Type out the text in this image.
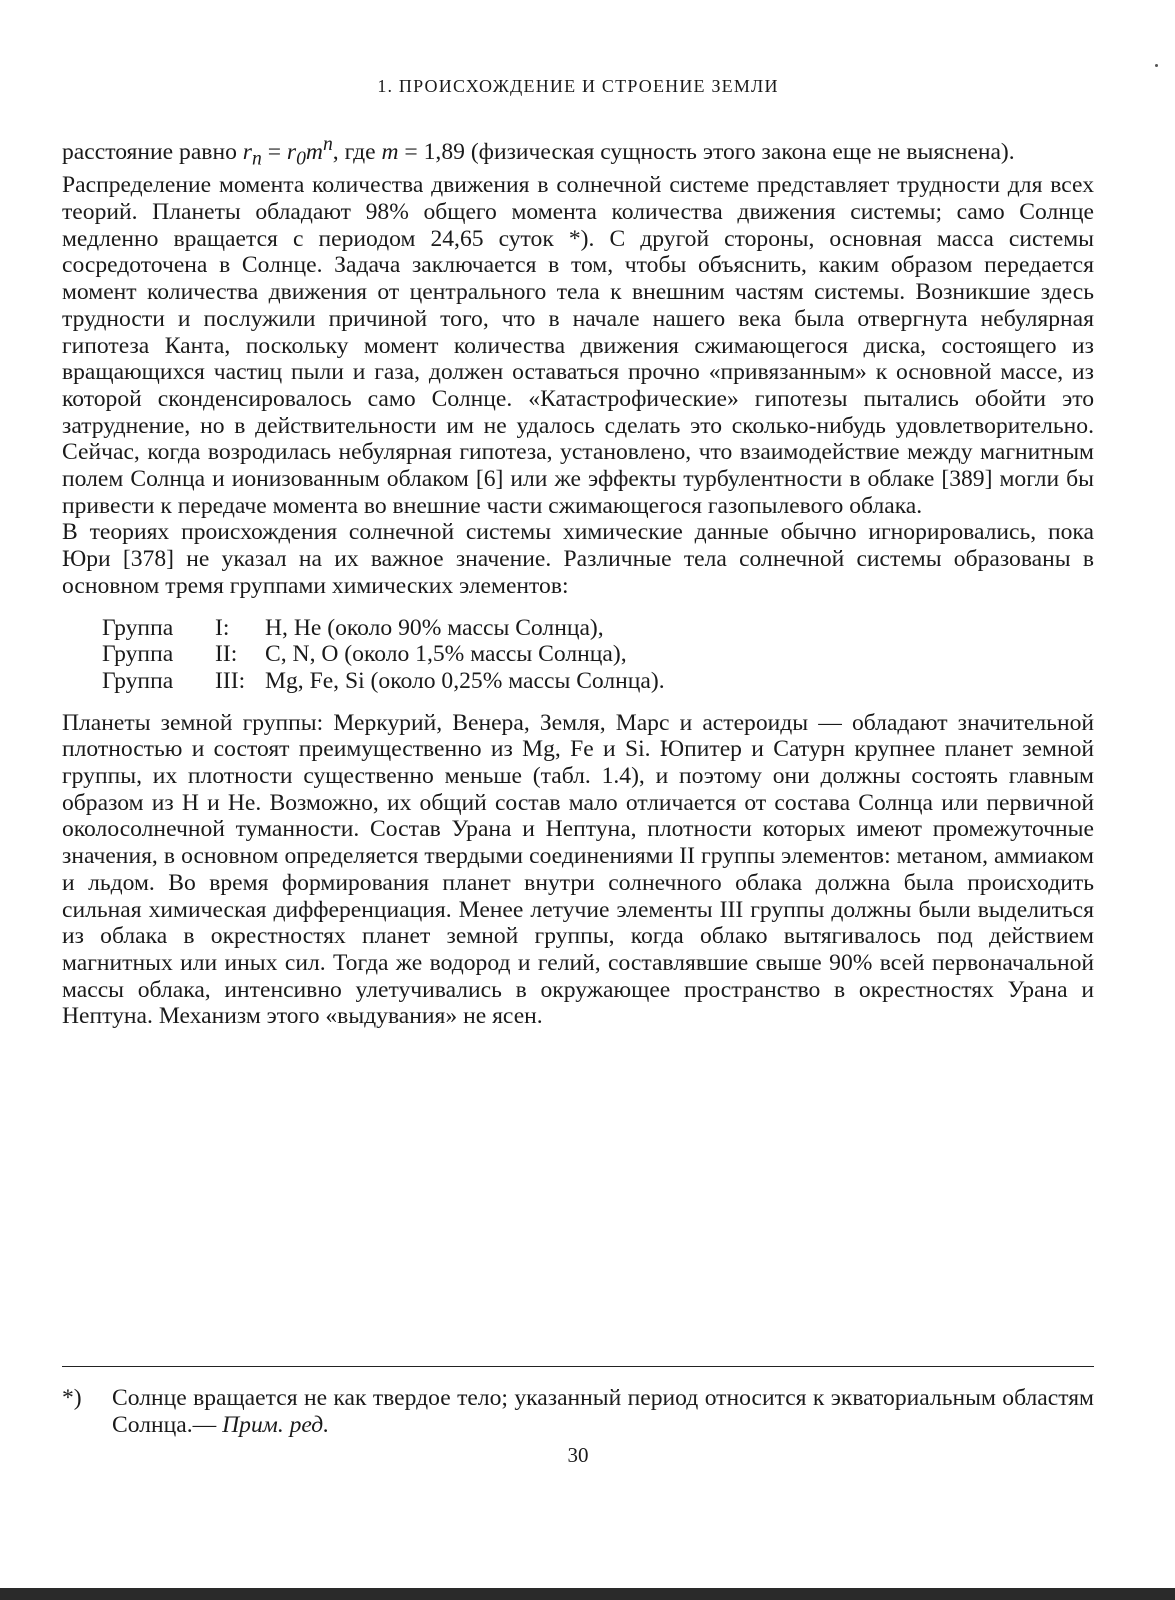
1. ПРОИСХОЖДЕНИЕ И СТРОЕНИЕ ЗЕМЛИ

расстояние равно $r_n = r_0m^n$, где m = 1,89 (физическая сущность этого закона еще не выяснена).

Распределение момента количества движения в солнечной системе представляет трудности для всех теорий. Планеты обладают 98% общего момента количества движения системы; само Солнце медленно вращается с периодом 24,65 суток *). С другой стороны, основная масса системы сосредоточена в Солнце. Задача заключается в том, чтобы объяснить, каким образом передается момент количества движения от центрального тела к внешним частям системы. Возникшие здесь трудности и послужили причиной того, что в начале нашего века была отвергнута небулярная гипотеза Канта, поскольку момент количества движения сжимающегося диска, состоящего из вращающихся частиц пыли и газа, должен оставаться прочно «привязанным» к основной массе, из которой сконденсировалось само Солнце. «Катастрофические» гипотезы пытались обойти это затруднение, но в действительности им не удалось сделать это сколько-нибудь удовлетворительно. Сейчас, когда возродилась небулярная гипотеза, установлено, что взаимодействие между магнитным полем Солнца и ионизованным облаком [6] или же эффекты турбулентности в облаке [389] могли бы привести к передаче момента во внешние части сжимающегося газопылевого облака.

В теориях происхождения солнечной системы химические данные обычно игнорировались, пока Юри [378] не указал на их важное значение. Различные тела солнечной системы образованы в основном тремя группами химических элементов:

Группа	I:	H, He (около 90% массы Солнца),
Группа	II:	C, N, O (около 1,5% массы Солнца),
Группа	III: Mg, Fe, Si (около 0,25% массы Солнца).

Планеты земной группы: Меркурий, Венера, Земля, Марс и астероиды — обладают значительной плотностью и состоят преимущественно из Mg, Fe и Si. Юпитер и Сатурн крупнее планет земной группы, их плотности существенно меньше (табл. 1.4), и поэтому они должны состоять главным образом из H и He. Возможно, их общий состав мало отличается от состава Солнца или первичной околосолнечной туманности. Состав Урана и Нептуна, плотности которых имеют промежуточные значения, в основном определяется твердыми соединениями II группы элементов: метаном, аммиаком и льдом. Во время формирования планет внутри солнечного облака должна была происходить сильная химическая дифференциация. Менее летучие элементы III группы должны были выделиться из облака в окрестностях планет земной группы, когда облако вытягивалось под действием магнитных или иных сил. Тогда же водород и гелий, составлявшие свыше 90% всей первоначальной массы облака, интенсивно улетучивались в окружающее пространство в окрестностях Урана и Нептуна. Механизм этого «выдувания» не ясен.

*)	Солнце вращается не как твердое тело; указанный период относится к экваториальным областям Солнца.— Прим. ред.
30
